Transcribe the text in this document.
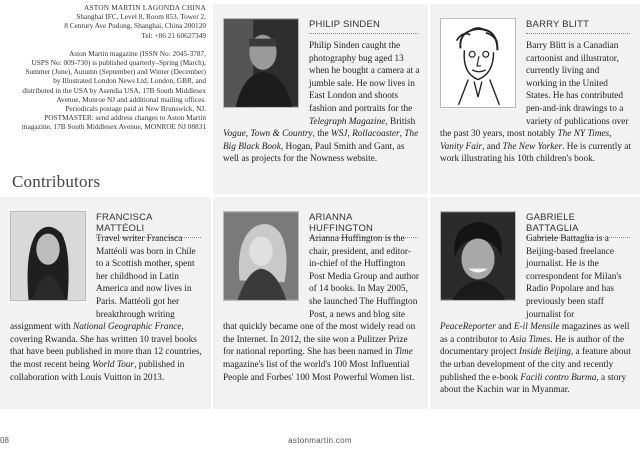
ASTON MARTIN LAGONDA CHINA
Shanghai IFC, Level 8, Room 853, Tower 2,
8 Century Ave Pudong, Shanghai, China 200120
Tel: +86 21 60627349
Aston Martin magazine (ISSN No: 2045-3787,
USPS No: 009-730) is published quarterly–Spring (March),
Summer (June), Autumn (September) and Winter (December)
by Illustrated London News Ltd, London, GBR, and
distributed in the USA by Asendia USA, 17B South Middlesex
Avenue, Monroe NJ and additional mailing offices.
Periodicals postage paid at New Brunswick, NJ.
POSTMASTER: send address changes to Aston Martin
magazine, 17B South Middlesex Avenue, MONROE NJ 08831
Contributors
PHILIP SINDEN
Philip Sinden caught the photography bug aged 13 when he bought a camera at a jumble sale. He now lives in East London and shoots fashion and portraits for the Telegraph Magazine, British Vogue, Town & Country, the WSJ, Rollacoaster, The Big Black Book, Hogan, Paul Smith and Gant, as well as projects for the Nowness website.
BARRY BLITT
Barry Blitt is a Canadian cartoonist and illustrator, currently living and working in the United States. He has contributed pen-and-ink drawings to a variety of publications over the past 30 years, most notably The NY Times, Vanity Fair, and The New Yorker. He is currently at work illustrating his 10th children's book.
FRANCISCA MATTÉOLI
Travel writer Francisca Mattéoli was born in Chile to a Scottish mother, spent her childhood in Latin America and now lives in Paris. Mattéoli got her breakthrough writing assignment with National Geographic France, covering Rwanda. She has written 10 travel books that have been published in more than 12 countries, the most recent being World Tour, published in collaboration with Louis Vuitton in 2013.
ARIANNA HUFFINGTON
Arianna Huffington is the chair, president, and editor-in-chief of the Huffington Post Media Group and author of 14 books. In May 2005, she launched The Huffington Post, a news and blog site that quickly became one of the most widely read on the Internet. In 2012, the site won a Pulitzer Prize for national reporting. She has been named in Time magazine's list of the world's 100 Most Influential People and Forbes' 100 Most Powerful Women list.
GABRIELE BATTAGLIA
Gabriele Battaglia is a Beijing-based freelance journalist. He is the correspondent for Milan's Radio Popolare and has previously been staff journalist for PeaceReporter and E-il Mensile magazines as well as a contributor to Asia Times. He is author of the documentary project Inside Beijing, a feature about the urban development of the city and recently published the e-book Facili contro Burma, a story about the Kachin war in Myanmar.
08	astonmartin.com
